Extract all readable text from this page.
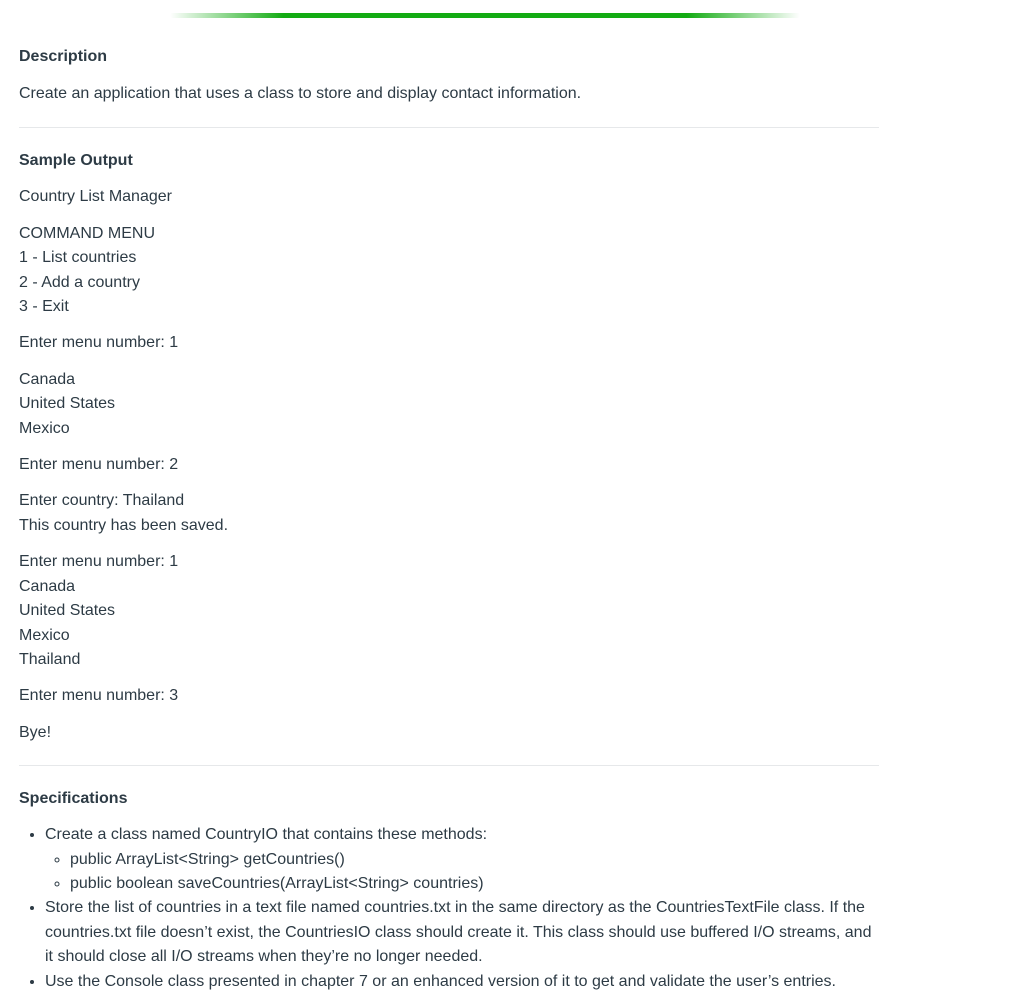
Description

Create an application that uses a class to store and display contact information.

Sample Output

Country List Manager

COMMAND MENU
1 - List countries
2 - Add a country
3 - Exit

Enter menu number: 1

Canada
United States
Mexico

Enter menu number: 2

Enter country: Thailand
This country has been saved.

Enter menu number: 1
Canada
United States
Mexico
Thailand

Enter menu number: 3

Bye!

Specifications
• Create a class named CountryIO that contains these methods:
◦ public ArrayList<String> getCountries()
◦ public boolean saveCountries(ArrayList<String> countries)
• Store the list of countries in a text file named countries.txt in the same directory as the CountriesTextFile class. If the countries.txt file doesn’t exist, the CountriesIO class should create it. This class should use buffered I/O streams, and it should close all I/O streams when they’re no longer needed.
• Use the Console class presented in chapter 7 or an enhanced version of it to get and validate the user’s entries.
